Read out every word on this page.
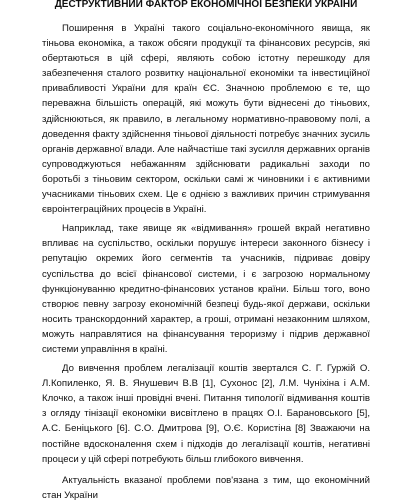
ДЕСТРУКТИВНИЙ ФАКТОР ЕКОНОМІЧНОЇ БЕЗПЕКИ УКРАЇНИ

Поширення в Україні такого соціально-економічного явища, як тіньова економіка, а також обсяги продукції та фінансових ресурсів, які обертаються в цій сфері, являють собою істотну перешкоду для забезпечення сталого розвитку національної економіки та інвестиційної привабливості України для країн ЄС. Значною проблемою є те, що переважна більшість операцій, які можуть бути віднесені до тіньових, здійснюються, як правило, в легальному нормативно-правовому полі, а доведення факту здійснення тіньової діяльності потребує значних зусиль органів державної влади. Але найчастіше такі зусилля державних органів супроводжуються небажанням здійснювати радикальні заходи по боротьбі з тіньовим сектором, оскільки самі ж чиновники і є активними учасниками тіньових схем. Це є однією з важливих причин стримування євроінтеграційних процесів в Україні.

Наприклад, таке явище як «відмивання» грошей вкрай негативно впливає на суспільство, оскільки порушує інтереси законного бізнесу і репутацію окремих його сегментів та учасників, підриває довіру суспільства до всієї фінансової системи, і є загрозою нормальному функціонуванню кредитно-фінансових установ країни. Більш того, воно створює певну загрозу економічній безпеці будь-якої держави, оскільки носить транскордонний характер, а гроші, отримані незаконним шляхом, можуть направлятися на фінансування тероризму і підрив державної системи управління в країні.

До вивчення проблем легалізації коштів звертался С. Г. Гуржій О. Л.Копиленко, Я. В. Янушевич В.В [1], Сухонос [2], Л.М. Чуніхіна і А.М. Клочко, а також інші провідні вчені. Питання типології відмивання коштів з огляду тінізації економіки висвітлено в працях О.І. Барановського [5], А.С. Беніцького [6]. С.О. Дмитрова [9], О.Є. Користіна [8] Зважаючи на постійне вдосконалення схем і підходів до легалізації коштів, негативні процеси у цій сфері потребують більш глибокого вивчення.

Актуальність вказаної проблеми пов'язана з тим, що економічний стан України
